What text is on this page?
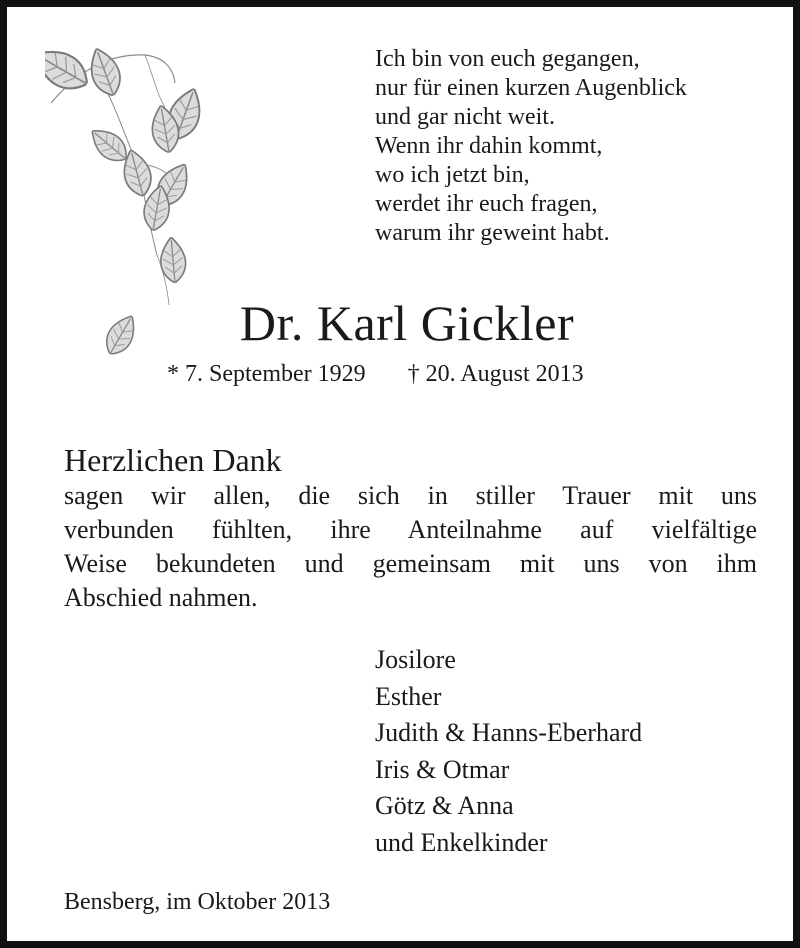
Ich bin von euch gegangen,
nur für einen kurzen Augenblick
und gar nicht weit.
Wenn ihr dahin kommt,
wo ich jetzt bin,
werdet ihr euch fragen,
warum ihr geweint habt.
Dr. Karl Gickler
* 7. September 1929 † 20. August 2013
Herzlichen Dank
sagen wir allen, die sich in stiller Trauer mit uns
verbunden fühlten, ihre Anteilnahme auf vielfältige
Weise bekundeten und gemeinsam mit uns von ihm
Abschied nahmen.
Josilore
Esther
Judith & Hanns-Eberhard
Iris & Otmar
Götz & Anna
und Enkelkinder
Bensberg, im Oktober 2013
